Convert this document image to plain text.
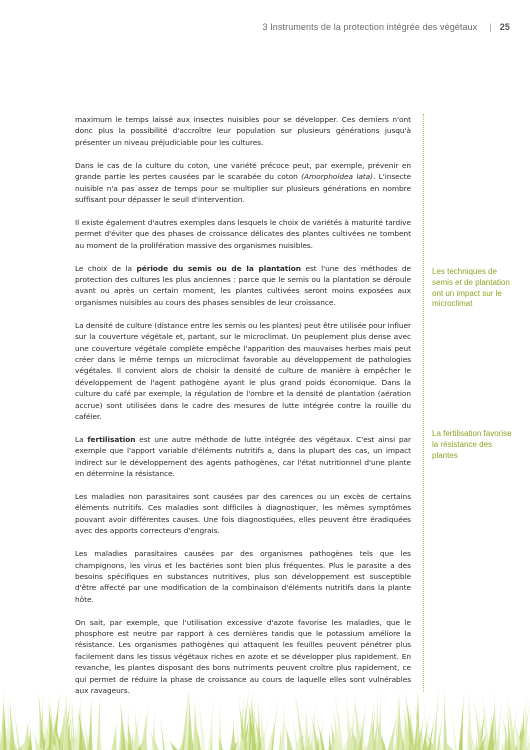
3 Instruments de la protection intégrée des végétaux | 25

maximum le temps laissé aux insectes nuisibles pour se développer. Ces derniers n'ont donc plus la possibilité d'accroître leur population sur plusieurs générations jusqu'à présenter un niveau préjudiciable pour les cultures.

Dans le cas de la culture du coton, une variété précoce peut, par exemple, prévenir en grande partie les pertes causées par le scarabée du coton (Amorphoidea lata). L'insecte nuisible n'a pas assez de temps pour se multiplier sur plusieurs générations en nombre suffisant pour dépasser le seuil d'intervention.

Il existe également d'autres exemples dans lesquels le choix de variétés à maturité tardive permet d'éviter que des phases de croissance délicates des plantes cultivées ne tombent au moment de la prolifération massive des organismes nuisibles.

Le choix de la période du semis ou de la plantation est l'une des méthodes de protection des cultures les plus anciennes : parce que le semis ou la plantation se déroule avant ou après un certain moment, les plantes cultivées seront moins exposées aux organismes nuisibles au cours des phases sensibles de leur croissance.

La densité de culture (distance entre les semis ou les plantes) peut être utilisée pour influer sur la couverture végétale et, partant, sur le microclimat. Un peuplement plus dense avec une couverture végétale complète empêche l'apparition des mauvaises herbes mais peut créer dans le même temps un microclimat favorable au développement de pathologies végétales. Il convient alors de choisir la densité de culture de manière à empêcher le développement de l'agent pathogène ayant le plus grand poids économique. Dans la culture du café par exemple, la régulation de l'ombre et la densité de plantation (aération accrue) sont utilisées dans le cadre des mesures de lutte intégrée contre la rouille du caféier.

La fertilisation est une autre méthode de lutte intégrée des végétaux. C'est ainsi par exemple que l'apport variable d'éléments nutritifs a, dans la plupart des cas, un impact indirect sur le développement des agents pathogènes, car l'état nutritionnel d'une plante en détermine la résistance.

Les maladies non parasitaires sont causées par des carences ou un excès de certains éléments nutritifs. Ces maladies sont difficiles à diagnostiquer, les mêmes symptômes pouvant avoir différentes causes. Une fois diagnostiquées, elles peuvent être éradiquées avec des apports correcteurs d'engrais.

Les maladies parasitaires causées par des organismes pathogènes tels que les champignons, les virus et les bactéries sont bien plus fréquentes. Plus le parasite a des besoins spécifiques en substances nutritives, plus son développement est susceptible d'être affecté par une modification de la combinaison d'éléments nutritifs dans la plante hôte.

On sait, par exemple, que l'utilisation excessive d'azote favorise les maladies, que le phosphore est neutre par rapport à ces dernières tandis que le potassium améliore la résistance. Les organismes pathogènes qui attaquent les feuilles peuvent pénétrer plus facilement dans les tissus végétaux riches en azote et se développer plus rapidement. En revanche, les plantes disposant des bons nutriments peuvent croître plus rapidement, ce qui permet de réduire la phase de croissance au cours de laquelle elles sont vulnérables aux ravageurs.

Les techniques de semis et de plantation ont un impact sur le microclimat
La fertilisation favorise la résistance des plantes
